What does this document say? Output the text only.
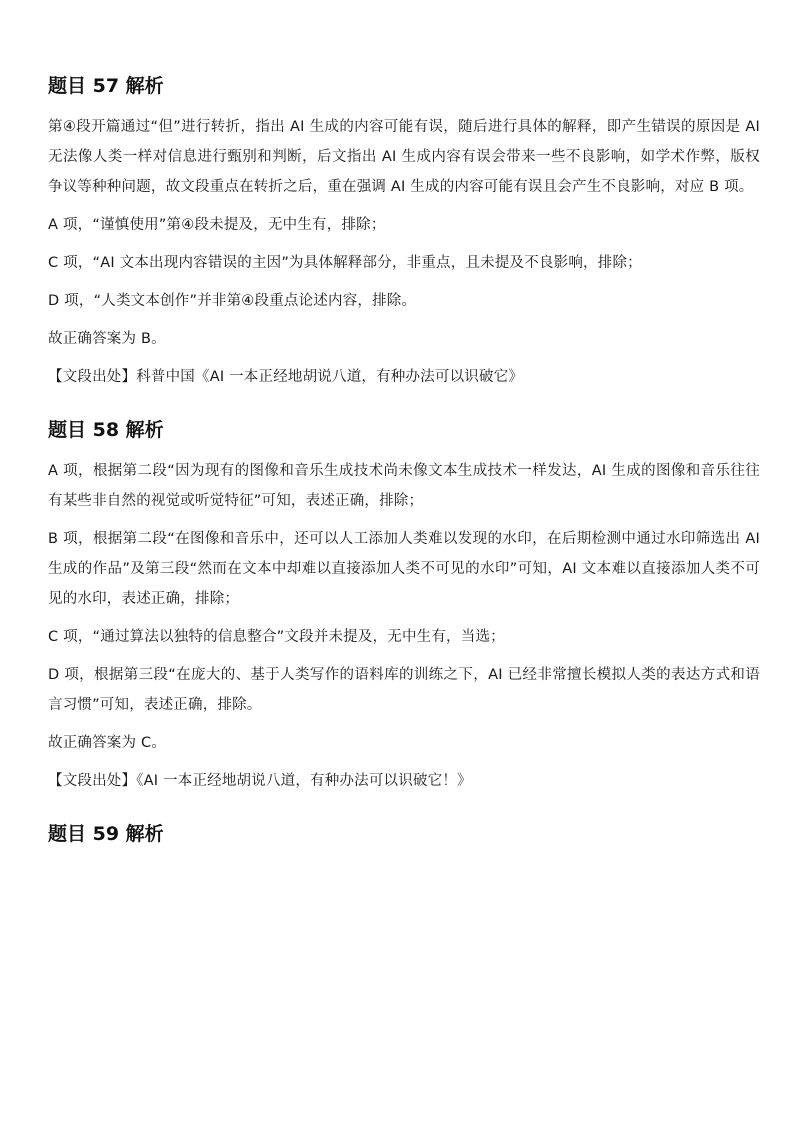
题目 57 解析

第④段开篇通过“但”进行转折，指出 AI 生成的内容可能有误，随后进行具体的解释，即产生错误的原因是 AI 无法像人类一样对信息进行甄别和判断，后文指出 AI 生成内容有误会带来一些不良影响，如学术作弊，版权争议等种种问题，故文段重点在转折之后，重在强调 AI 生成的内容可能有误且会产生不良影响，对应 B 项。

A 项，“谨慎使用”第④段未提及，无中生有，排除；

C 项，“AI 文本出现内容错误的主因”为具体解释部分，非重点，且未提及不良影响，排除；

D 项，“人类文本创作”并非第④段重点论述内容，排除。

故正确答案为 B。

【文段出处】科普中国《AI 一本正经地胡说八道，有种办法可以识破它》

题目 58 解析

A 项，根据第二段“因为现有的图像和音乐生成技术尚未像文本生成技术一样发达，AI 生成的图像和音乐往往有某些非自然的视觉或听觉特征”可知，表述正确，排除；

B 项，根据第二段“在图像和音乐中，还可以人工添加人类难以发现的水印，在后期检测中通过水印筛选出 AI 生成的作品”及第三段“然而在文本中却难以直接添加人类不可见的水印”可知，AI 文本难以直接添加人类不可见的水印，表述正确，排除；

C 项，“通过算法以独特的信息整合”文段并未提及，无中生有，当选；

D 项，根据第三段“在庞大的、基于人类写作的语料库的训练之下，AI 已经非常擅长模拟人类的表达方式和语言习惯”可知，表述正确，排除。

故正确答案为 C。

【文段出处】《AI 一本正经地胡说八道，有种办法可以识破它！》

题目 59 解析
